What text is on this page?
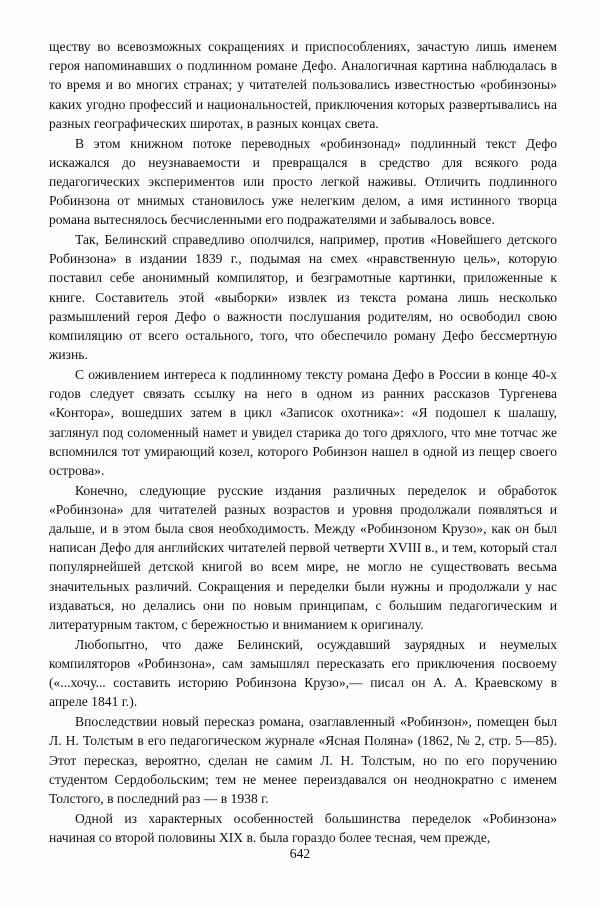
ществу во всевозможных сокращениях и приспособлениях, зачастую лишь именем героя напоминавших о подлинном романе Дефо. Аналогичная картина наблюдалась в то время и во многих странах; у читателей пользовались известностью «робинзоны» каких угодно профессий и национальностей, приключения которых развертывались на разных географических широтах, в разных концах света.

В этом книжном потоке переводных «робинзонад» подлинный текст Дефо искажался до неузнаваемости и превращался в средство для всякого рода педагогических экспериментов или просто легкой наживы. Отличить подлинного Робинзона от мнимых становилось уже нелегким делом, а имя истинного творца романа вытеснялось бесчисленными его подражателями и забывалось вовсе.

Так, Белинский справедливо ополчился, например, против «Новейшего детского Робинзона» в издании 1839 г., подымая на смех «нравственную цель», которую поставил себе анонимный компилятор, и безграмотные картинки, приложенные к книге. Составитель этой «выборки» извлек из текста романа лишь несколько размышлений героя Дефо о важности послушания родителям, но освободил свою компиляцию от всего остального, того, что обеспечило роману Дефо бессмертную жизнь.

С оживлением интереса к подлинному тексту романа Дефо в России в конце 40-х годов следует связать ссылку на него в одном из ранних рассказов Тургенева «Контора», вошедших затем в цикл «Записок охотника»: «Я подошел к шалашу, заглянул под соломенный намет и увидел старика до того дряхлого, что мне тотчас же вспомнился тот умирающий козел, которого Робинзон нашел в одной из пещер своего острова».

Конечно, следующие русские издания различных переделок и обработок «Робинзона» для читателей разных возрастов и уровня продолжали появляться и дальше, и в этом была своя необходимость. Между «Робинзоном Крузо», как он был написан Дефо для английских читателей первой четверти XVIII в., и тем, который стал популярнейшей детской книгой во всем мире, не могло не существовать весьма значительных различий. Сокращения и переделки были нужны и продолжали у нас издаваться, но делались они по новым принципам, с большим педагогическим и литературным тактом, с бережностью и вниманием к оригиналу.

Любопытно, что даже Белинский, осуждавший заурядных и неумелых компиляторов «Робинзона», сам замышлял пересказать его приключения посвоему («...хочу... составить историю Робинзона Крузо»,— писал он А. А. Краевскому в апреле 1841 г.).

Впоследствии новый пересказ романа, озаглавленный «Робинзон», помещен был Л. Н. Толстым в его педагогическом журнале «Ясная Поляна» (1862, № 2, стр. 5—85). Этот пересказ, вероятно, сделан не самим Л. Н. Толстым, но по его поручению студентом Сердобольским; тем не менее переиздавался он неоднократно с именем Толстого, в последний раз — в 1938 г.

Одной из характерных особенностей большинства переделок «Робинзона» начиная со второй половины XIX в. была гораздо более тесная, чем прежде,

642
